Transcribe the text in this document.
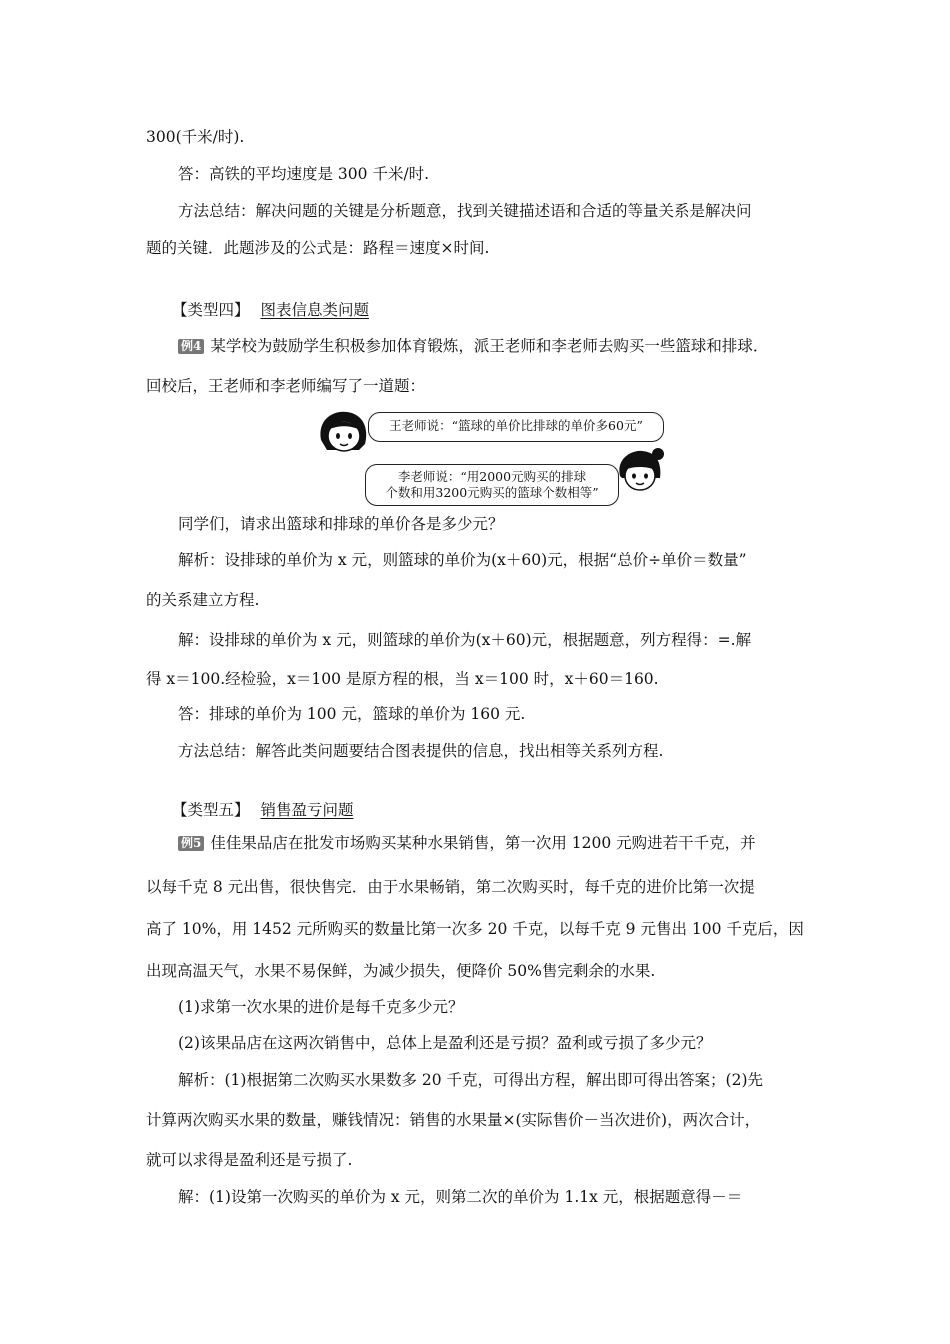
300(千米/时).
答：高铁的平均速度是 300 千米/时.
方法总结：解决问题的关键是分析题意，找到关键描述语和合适的等量关系是解决问
题的关键．此题涉及的公式是：路程＝速度×时间.
【类型四】 图表信息类问题
例4 某学校为鼓励学生积极参加体育锻炼，派王老师和李老师去购买一些篮球和排球．
回校后，王老师和李老师编写了一道题：
王老师说：“篮球的单价比排球的单价多60元”
李老师说：“用2000元购买的排球
个数和用3200元购买的篮球个数相等”
同学们，请求出篮球和排球的单价各是多少元？
解析：设排球的单价为 x 元，则篮球的单价为(x＋60)元，根据“总价÷单价＝数量”
的关系建立方程.
解：设排球的单价为 x 元，则篮球的单价为(x＋60)元，根据题意，列方程得：=.解
得 x＝100.经检验，x＝100 是原方程的根，当 x＝100 时，x＋60＝160.
答：排球的单价为 100 元，篮球的单价为 160 元.
方法总结：解答此类问题要结合图表提供的信息，找出相等关系列方程.
【类型五】 销售盈亏问题
例5 佳佳果品店在批发市场购买某种水果销售，第一次用 1200 元购进若干千克，并
以每千克 8 元出售，很快售完．由于水果畅销，第二次购买时，每千克的进价比第一次提
高了 10%，用 1452 元所购买的数量比第一次多 20 千克，以每千克 9 元售出 100 千克后，因
出现高温天气，水果不易保鲜，为减少损失，便降价 50%售完剩余的水果.
(1)求第一次水果的进价是每千克多少元？
(2)该果品店在这两次销售中，总体上是盈利还是亏损？盈利或亏损了多少元？
解析：(1)根据第二次购买水果数多 20 千克，可得出方程，解出即可得出答案；(2)先
计算两次购买水果的数量，赚钱情况：销售的水果量×(实际售价－当次进价)，两次合计，
就可以求得是盈利还是亏损了.
解：(1)设第一次购买的单价为 x 元，则第二次的单价为 1.1x 元，根据题意得－＝
